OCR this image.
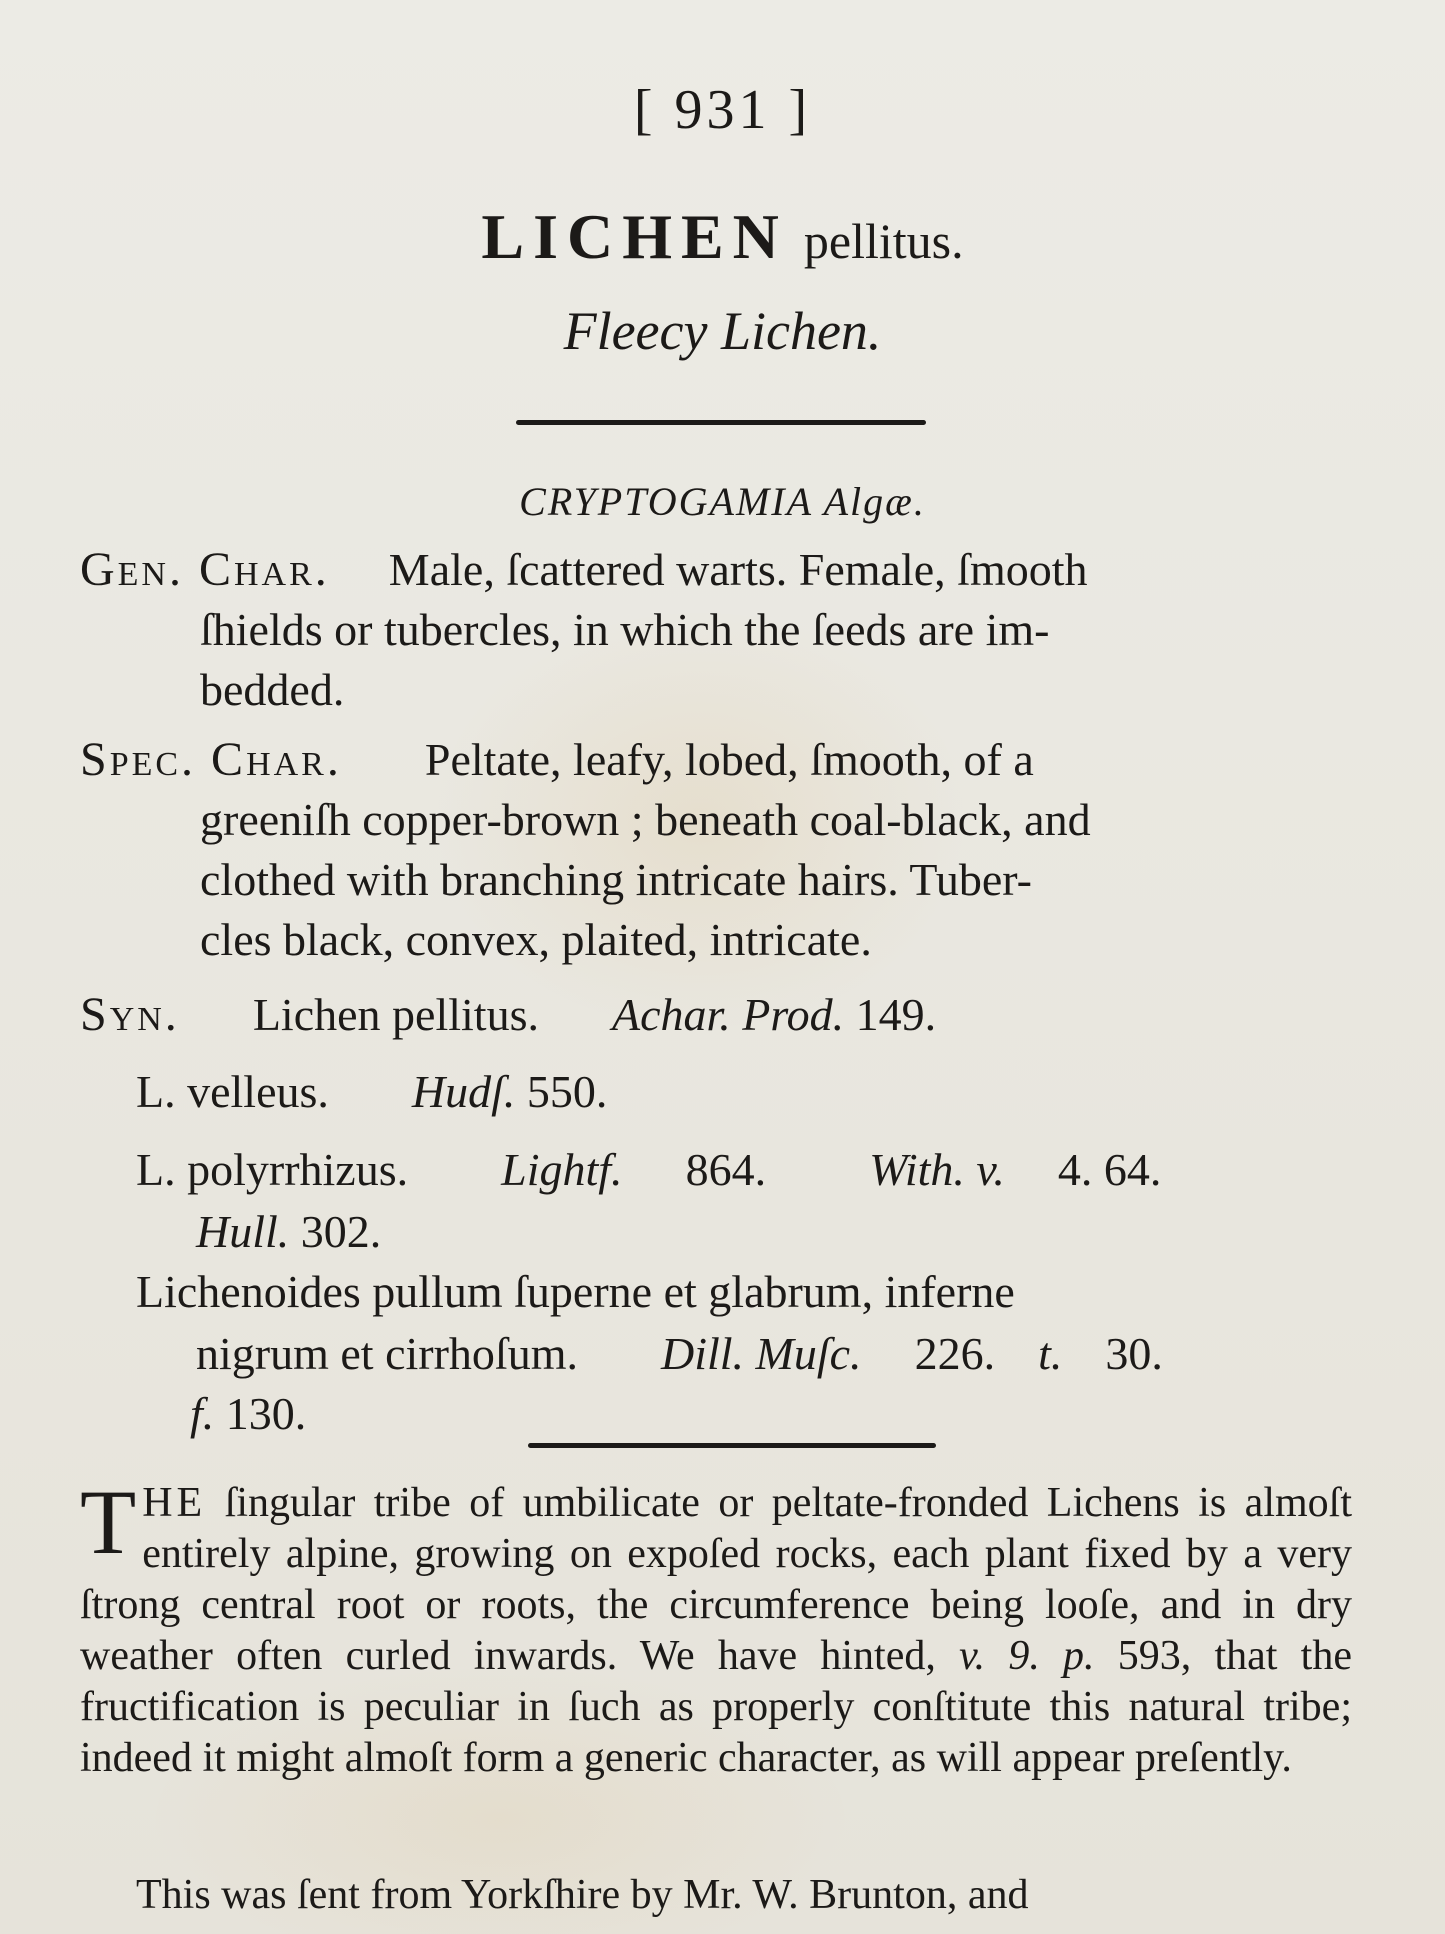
[ 931 ]
LICHEN pellitus.
Fleecy Lichen.
CRYPTOGAMIA Algæ.
Gen. Char. Male, ſcattered warts. Female, ſmooth
ſhields or tubercles, in which the ſeeds are im-
bedded.
Spec. Char. Peltate, leafy, lobed, ſmooth, of a
greeniſh copper-brown ; beneath coal-black, and
clothed with branching intricate hairs. Tuber-
cles black, convex, plaited, intricate.
Syn. Lichen pellitus. Achar. Prod. 149.
L. velleus. Hudſ. 550.
L. polyrrhizus. Lightf. 864. With. v. 4. 64.
Hull. 302.
Lichenoides pullum ſuperne et glabrum, inferne
nigrum et cirrhoſum. Dill. Muſc. 226. t. 30.
f. 130.
T HE ſingular tribe of umbilicate or peltate-fronded Lichens is almoſt entirely alpine, growing on expoſed rocks, each plant fixed by a very ſtrong central root or roots, the circumference being looſe, and in dry weather often curled inwards. We have hinted, v. 9. p. 593, that the fructification is peculiar in ſuch as properly conſtitute this natural tribe; indeed it might almoſt form a generic character, as will appear preſently.
This was ſent from Yorkſhire by Mr. W. Brunton, and
